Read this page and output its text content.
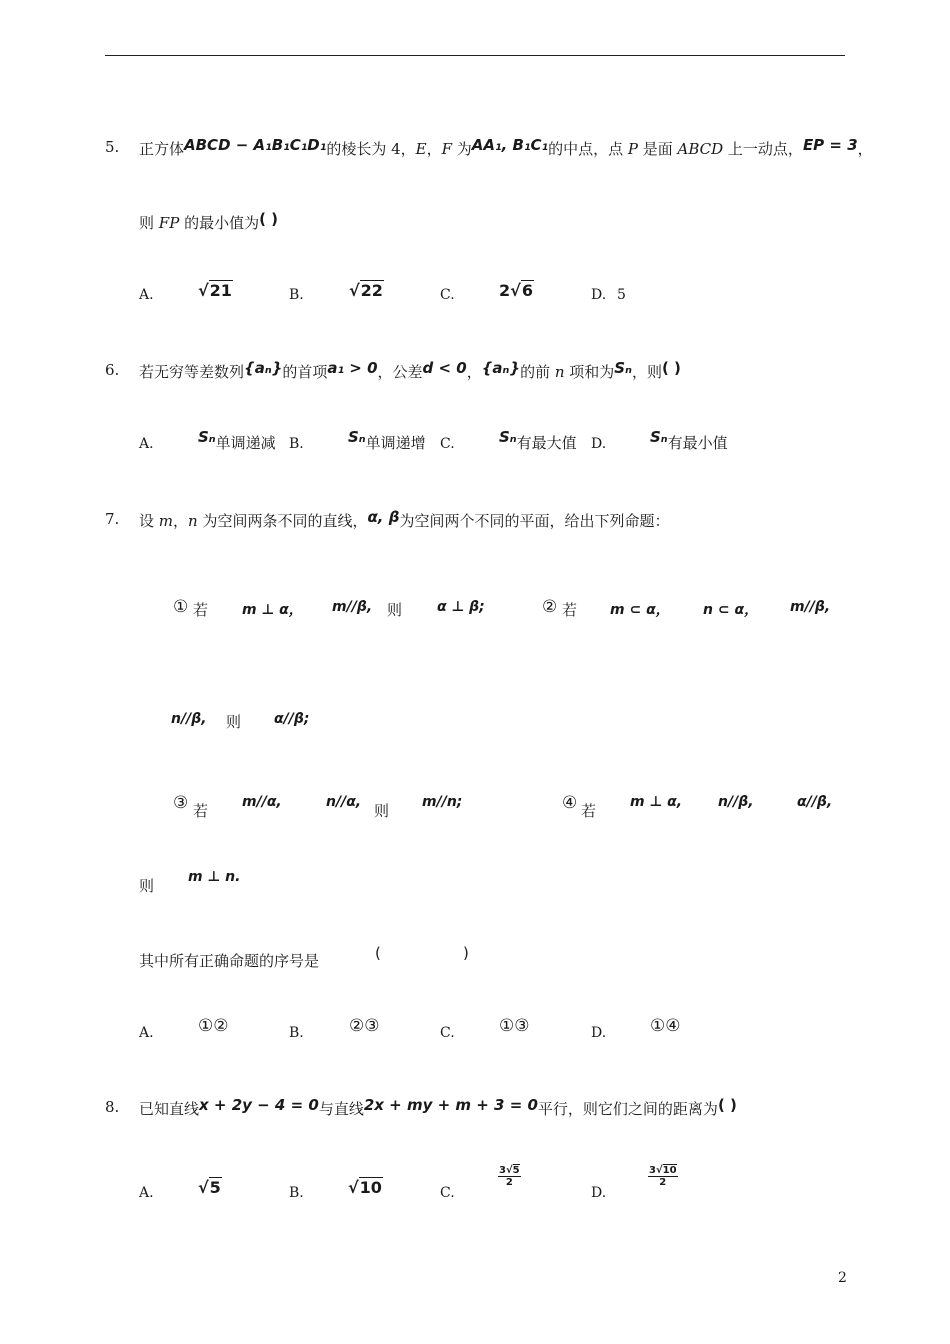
5. 正方体ABCD − A₁B₁C₁D₁的棱长为 4，E，F 为AA₁, B₁C₁的中点，点 P 是面 ABCD 上一动点，EP = 3，
则 FP 的最小值为( )
A.	√21	B.	√22	C.	2√6	D. 5
6. 若无穷等差数列{aₙ}的首项a₁ > 0，公差d < 0，{aₙ}的前 n 项和为Sₙ，则( )
A.	Sₙ单调递减 B.	Sₙ单调递增 C.	Sₙ有最大值 D.	Sₙ有最小值
7. 设 m，n 为空间两条不同的直线，α, β为空间两个不同的平面，给出下列命题：
① 若 m ⊥ α， m//β, 则 α ⊥ β;	② 若 m ⊂ α， n ⊂ α， m//β,
n//β, 则 α//β;
③ 若 m//α,	n//α, 则 m//n;	④ 若 m ⊥ α,	n//β,	α//β,
则 m ⊥ n.
其中所有正确命题的序号是	(	)
A.	①②	B.	②③	C.	①③	D.	①④
8. 已知直线x + 2y − 4 = 0与直线2x + my + m + 3 = 0平行，则它们之间的距离为( )
A.	√5	B.	√10	C.
$\frac{3√5}{2}$
D.
$\frac{3√10}{2}$
2
